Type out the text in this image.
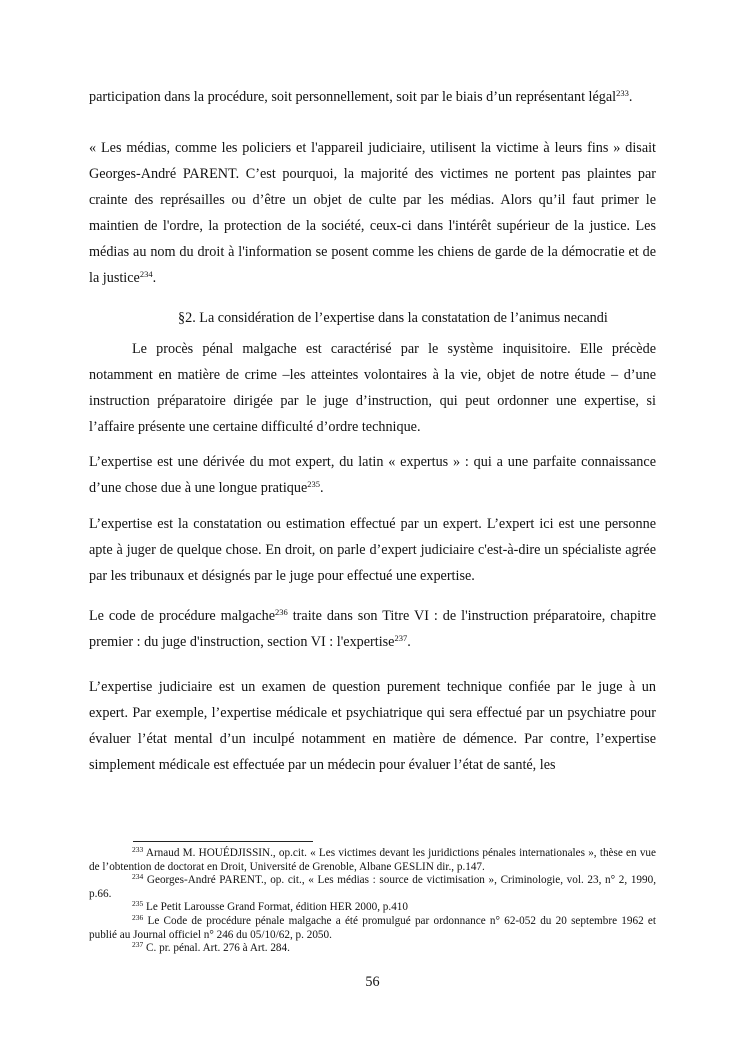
participation dans la procédure, soit personnellement, soit par le biais d’un représentant légal$^{233}$.

« Les médias, comme les policiers et l'appareil judiciaire, utilisent la victime à leurs fins » disait Georges-André PARENT. C’est pourquoi, la majorité des victimes ne portent pas plaintes par crainte des représailles ou d’être un objet de culte par les médias. Alors qu’il faut primer le maintien de l'ordre, la protection de la société, ceux-ci dans l'intérêt supérieur de la justice. Les médias au nom du droit à l'information se posent comme les chiens de garde de la démocratie et de la justice$^{234}$.

§2. La considération de l’expertise dans la constatation de l’animus necandi

Le procès pénal malgache est caractérisé par le système inquisitoire. Elle précède notamment en matière de crime –les atteintes volontaires à la vie, objet de notre étude – d’une instruction préparatoire dirigée par le juge d’instruction, qui peut ordonner une expertise, si l’affaire présente une certaine difficulté d’ordre technique.

L’expertise est une dérivée du mot expert, du latin « expertus » : qui a une parfaite connaissance d’une chose due à une longue pratique$^{235}$.

L’expertise est la constatation ou estimation effectué par un expert. L’expert ici est une personne apte à juger de quelque chose. En droit, on parle d’expert judiciaire c'est-à-dire un spécialiste agrée par les tribunaux et désignés par le juge pour effectué une expertise.

Le code de procédure malgache$^{236}$ traite dans son Titre VI : de l'instruction préparatoire, chapitre premier : du juge d'instruction, section VI : l'expertise$^{237}$.

L’expertise judiciaire est un examen de question purement technique confiée par le juge à un expert. Par exemple, l’expertise médicale et psychiatrique qui sera effectué par un psychiatre pour évaluer l’état mental d’un inculpé notamment en matière de démence. Par contre, l’expertise simplement médicale est effectuée par un médecin pour évaluer l’état de santé, les

$^{233}$ Arnaud M. HOUÉDJISSIN., op.cit. « Les victimes devant les juridictions pénales internationales », thèse en vue de l’obtention de doctorat en Droit, Université de Grenoble, Albane GESLIN dir., p.147.

$^{234}$ Georges-André PARENT., op. cit., « Les médias : source de victimisation », Criminologie, vol. 23, n° 2, 1990, p.66.

$^{235}$ Le Petit Larousse Grand Format, édition HER 2000, p.410

$^{236}$ Le Code de procédure pénale malgache a été promulgué par ordonnance n° 62-052 du 20 septembre 1962 et publié au Journal officiel n° 246 du 05/10/62, p. 2050.

$^{237}$ C. pr. pénal. Art. 276 à Art. 284.

56
